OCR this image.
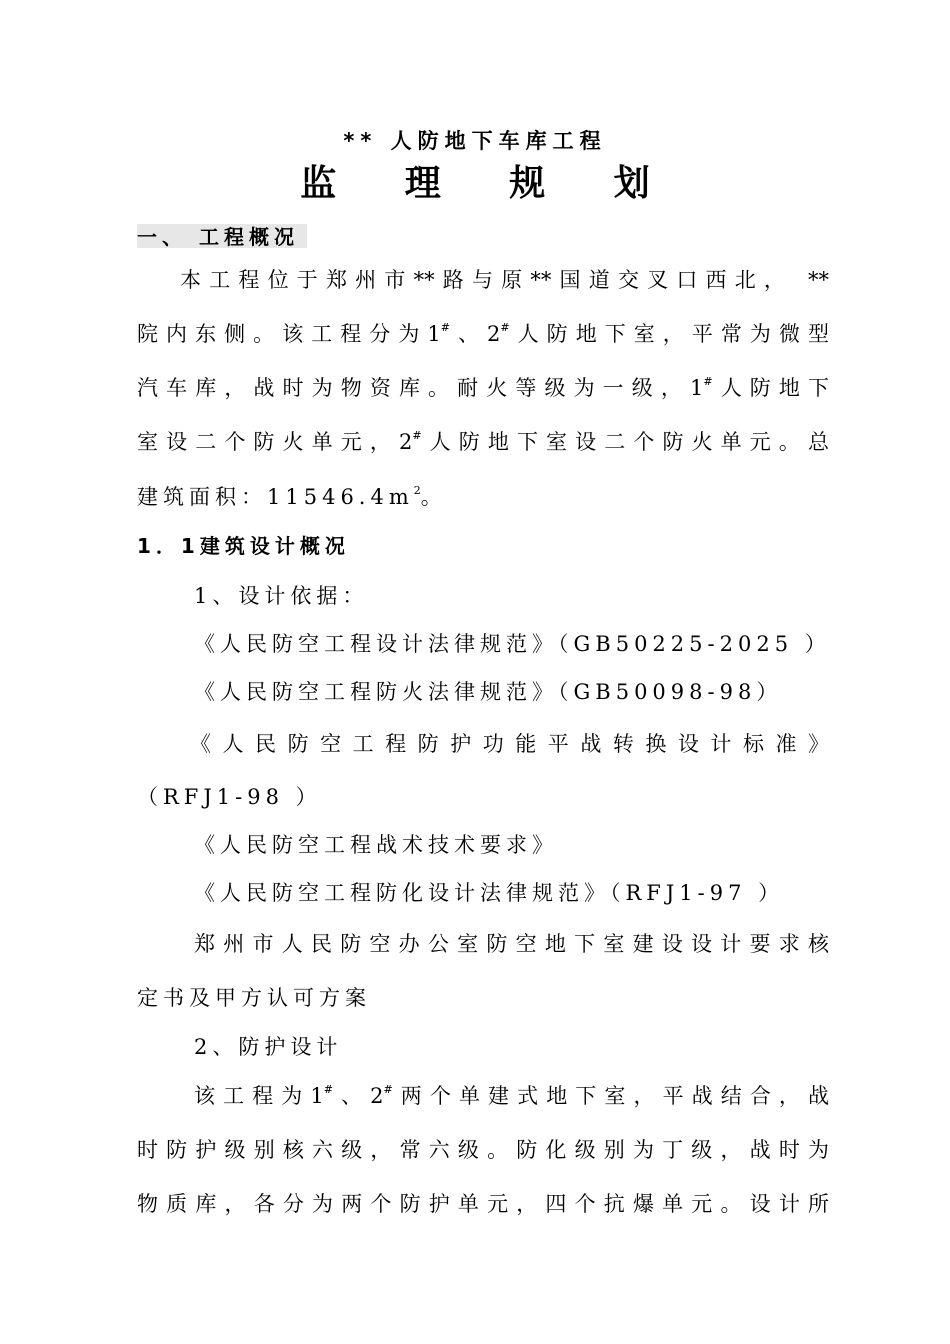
** 人防地下车库工程
监 理 规 划
一、 工程概况
本工程位于郑州市**路与原**国道交叉口西北， **
院内东侧。该工程分为1#、2#人防地下室，平常为微型
汽车库，战时为物资库。耐火等级为一级，1#人防地下
室设二个防火单元，2#人防地下室设二个防火单元。总
建筑面积：$11546.4m^2$。
1．1建筑设计概况
1、设计依据：
《人民防空工程设计法律规范》（GB50225-2025 ）
《人民防空工程防火法律规范》（GB50098-98）
《人民防空工程防护功能平战转换设计标准》
（RFJ1-98 ）
《人民防空工程战术技术要求》
《人民防空工程防化设计法律规范》（RFJ1-97 ）
郑州市人民防空办公室防空地下室建设设计要求核
定书及甲方认可方案
2、防护设计
该工程为1#、2#两个单建式地下室，平战结合，战
时防护级别核六级，常六级。防化级别为丁级，战时为
物质库，各分为两个防护单元，四个抗爆单元。设计所
